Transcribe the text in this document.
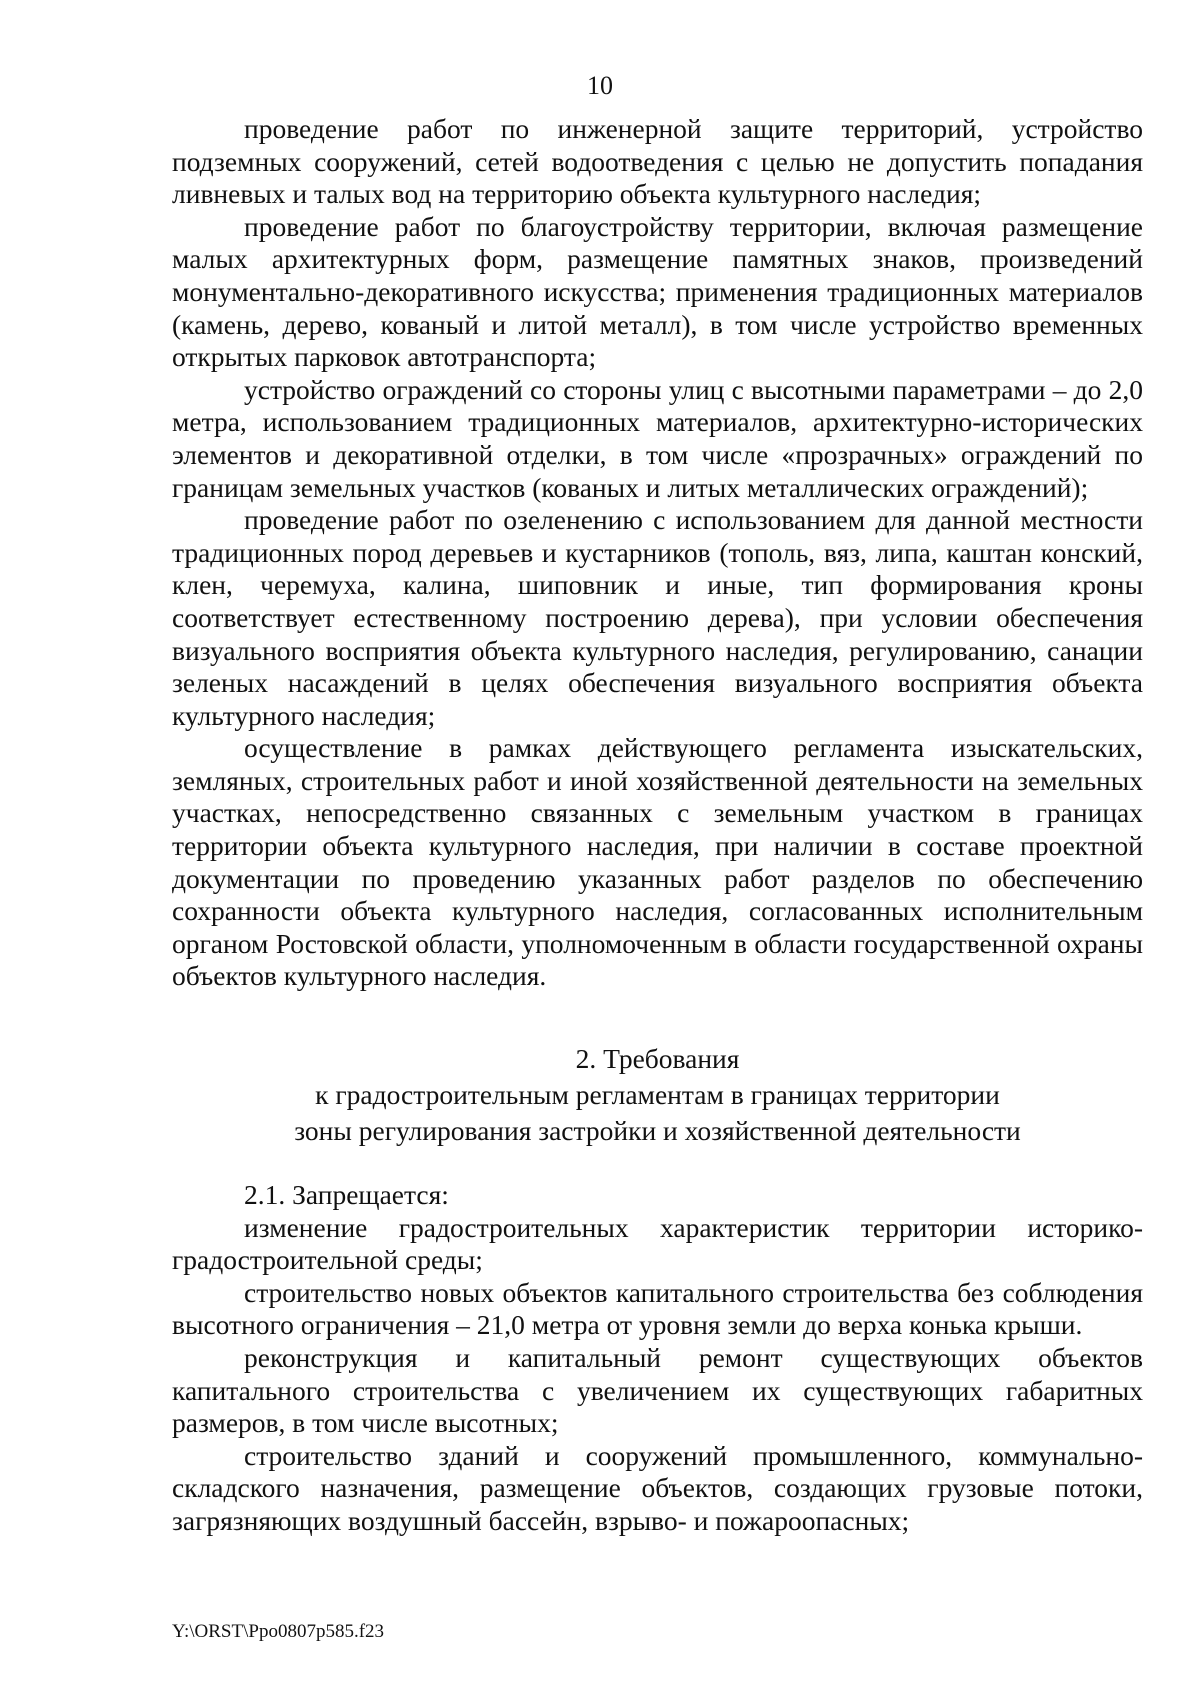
10

проведение работ по инженерной защите территорий, устройство подземных сооружений, сетей водоотведения с целью не допустить попадания ливневых и талых вод на территорию объекта культурного наследия;

проведение работ по благоустройству территории, включая размещение малых архитектурных форм, размещение памятных знаков, произведений монументально-декоративного искусства; применения традиционных материалов (камень, дерево, кованый и литой металл), в том числе устройство временных открытых парковок автотранспорта;

устройство ограждений со стороны улиц с высотными параметрами – до 2,0 метра, использованием традиционных материалов, архитектурно-исторических элементов и декоративной отделки, в том числе «прозрачных» ограждений по границам земельных участков (кованых и литых металлических ограждений);

проведение работ по озеленению с использованием для данной местности традиционных пород деревьев и кустарников (тополь, вяз, липа, каштан конский, клен, черемуха, калина, шиповник и иные, тип формирования кроны соответствует естественному построению дерева), при условии обеспечения визуального восприятия объекта культурного наследия, регулированию, санации зеленых насаждений в целях обеспечения визуального восприятия объекта культурного наследия;

осуществление в рамках действующего регламента изыскательских, земляных, строительных работ и иной хозяйственной деятельности на земельных участках, непосредственно связанных с земельным участком в границах территории объекта культурного наследия, при наличии в составе проектной документации по проведению указанных работ разделов по обеспечению сохранности объекта культурного наследия, согласованных исполнительным органом Ростовской области, уполномоченным в области государственной охраны объектов культурного наследия.

2. Требования
к градостроительным регламентам в границах территории
зоны регулирования застройки и хозяйственной деятельности

2.1. Запрещается:

изменение градостроительных характеристик территории историко-градостроительной среды;

строительство новых объектов капитального строительства без соблюдения высотного ограничения – 21,0 метра от уровня земли до верха конька крыши.

реконструкция и капитальный ремонт существующих объектов капитального строительства с увеличением их существующих габаритных размеров, в том числе высотных;

строительство зданий и сооружений промышленного, коммунально-складского назначения, размещение объектов, создающих грузовые потоки, загрязняющих воздушный бассейн, взрыво- и пожароопасных;

Y:\ORST\Ppo0807p585.f23
